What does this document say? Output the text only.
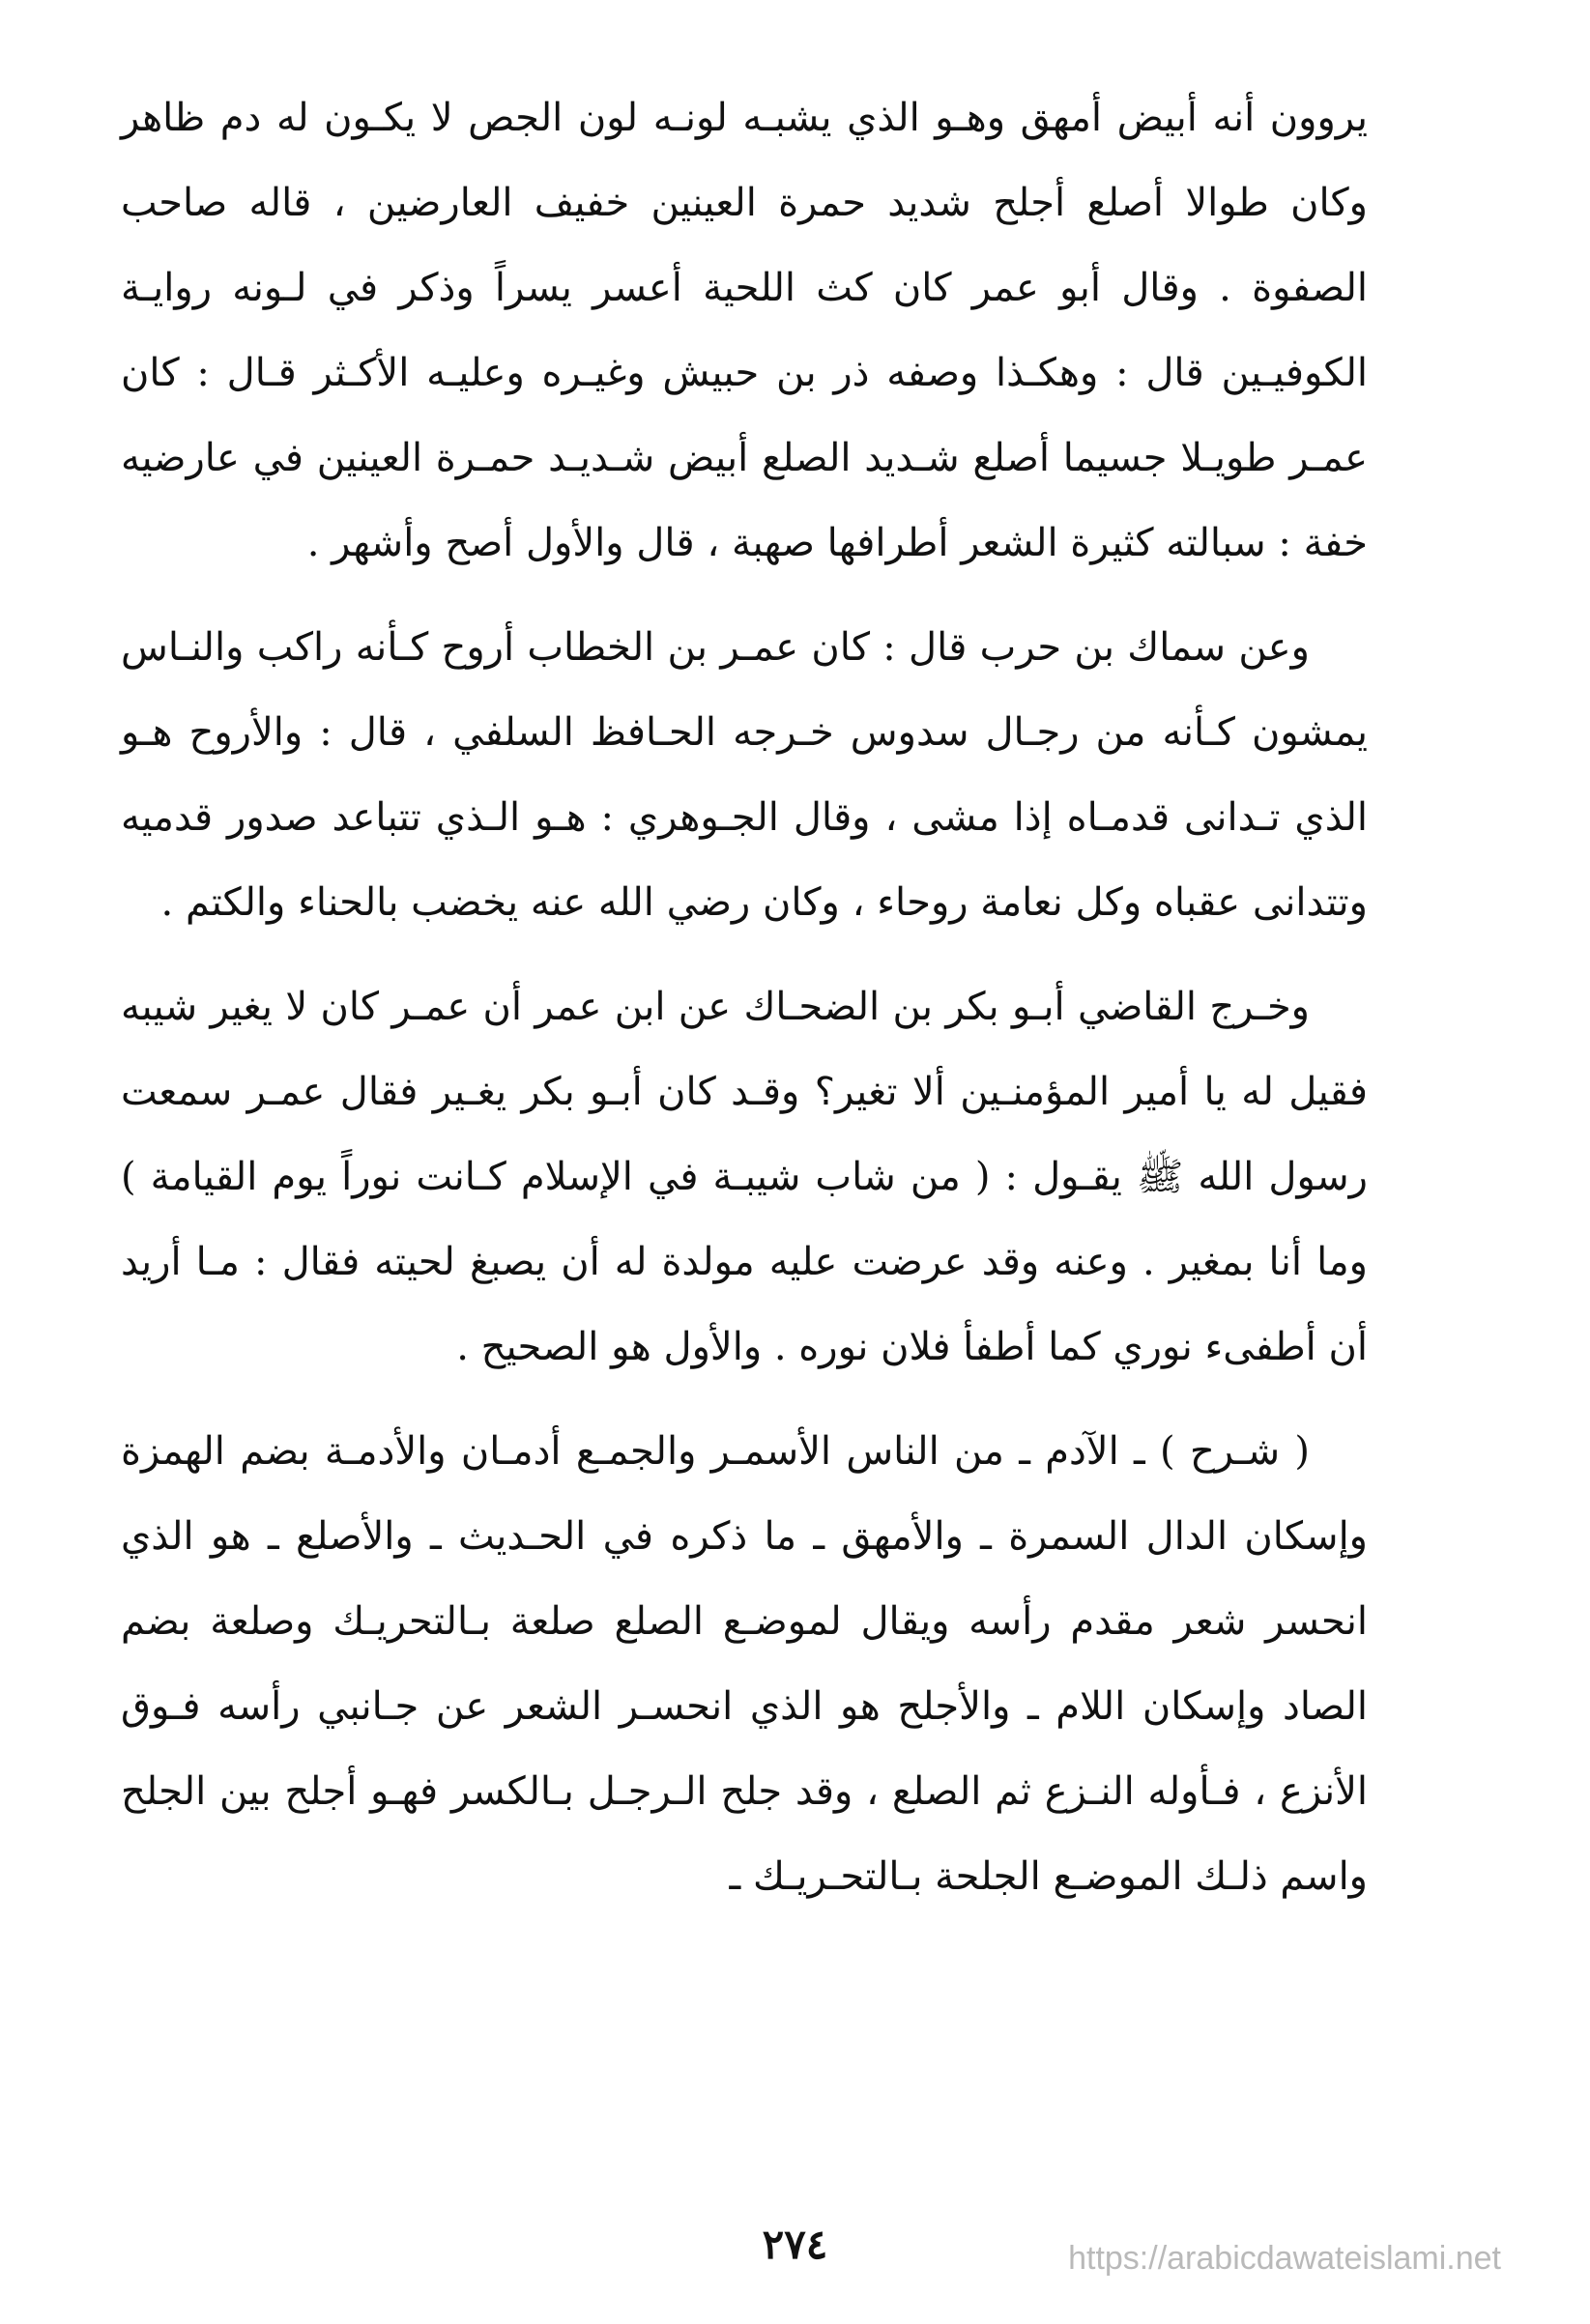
يروون أنه أبيض أمهق وهـو الذي يشبـه لونـه لون الجص لا يكـون له دم ظاهر وكان طوالا أصلع أجلح شديد حمرة العينين خفيف العارضين ، قاله صاحب الصفوة . وقال أبو عمر كان كث اللحية أعسر يسراً وذكر في لـونه روايـة الكوفيـين قال : وهكـذا وصفه ذر بن حبيش وغيـره وعليـه الأكـثر قـال : كان عمـر طويـلا جسيما أصلع شـديد الصلع أبيض شـديـد حمـرة العينين في عارضيه خفة : سبالته كثيرة الشعر أطرافها صهبة ، قال والأول أصح وأشهر .

وعن سماك بن حرب قال : كان عمـر بن الخطاب أروح كـأنه راكب والنـاس يمشون كـأنه من رجـال سدوس خـرجه الحـافظ السلفي ، قال : والأروح هـو الذي تـدانى قدمـاه إذا مشى ، وقال الجـوهري : هـو الـذي تتباعد صدور قدميه وتتدانى عقباه وكل نعامة روحاء ، وكان رضي الله عنه يخضب بالحناء والكتم .

وخـرج القاضي أبـو بكر بن الضحـاك عن ابن عمر أن عمـر كان لا يغير شيبه فقيل له يا أمير المؤمنـين ألا تغير؟ وقـد كان أبـو بكر يغـير فقال عمـر سمعت رسول الله ﷺ يقـول : ( من شاب شيبـة في الإسلام كـانت نوراً يوم القيامة ) وما أنا بمغير . وعنه وقد عرضت عليه مولدة له أن يصبغ لحيته فقال : مـا أريد أن أطفىء نوري كما أطفأ فلان نوره . والأول هو الصحيح .

( شـرح ) ـ الآدم ـ من الناس الأسمـر والجمـع أدمـان والأدمـة بضم الهمزة وإسكان الدال السمرة ـ والأمهق ـ ما ذكره في الحـديث ـ والأصلع ـ هو الذي انحسر شعر مقدم رأسه ويقال لموضـع الصلع صلعة بـالتحريـك وصلعة بضم الصاد وإسكان اللام ـ والأجلح هو الذي انحسـر الشعر عن جـانبي رأسه فـوق الأنزع ، فـأوله النـزع ثم الصلع ، وقد جلح الـرجـل بـالكسر فهـو أجلح بين الجلح واسم ذلـك الموضـع الجلحة بـالتحـريـك ـ

٢٧٤	https://arabicdawateislami.net
